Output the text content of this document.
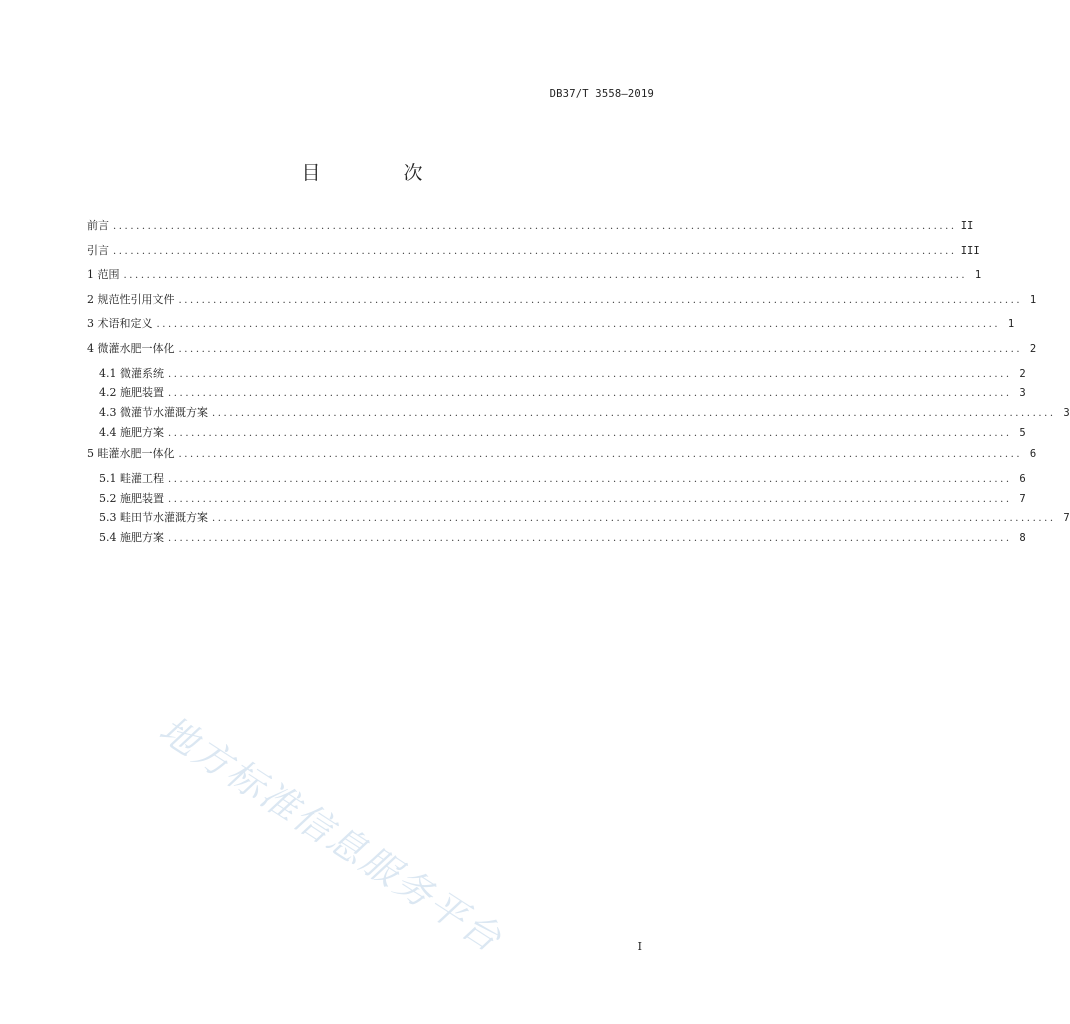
DB37/T 3558—2019
目　次
前言 .................................................................................................................................................. II
引言 .................................................................................................................................................. III
1 范围 .................................................................................................................................................. 1
2 规范性引用文件 .................................................................................................................................................. 1
3 术语和定义 .................................................................................................................................................. 1
4 微灌水肥一体化 .................................................................................................................................................. 2
4.1 微灌系统 .................................................................................................................................................. 2
4.2 施肥装置 .................................................................................................................................................. 3
4.3 微灌节水灌溉方案 .................................................................................................................................................. 3
4.4 施肥方案 .................................................................................................................................................. 5
5 畦灌水肥一体化 .................................................................................................................................................. 6
5.1 畦灌工程 .................................................................................................................................................. 6
5.2 施肥装置 .................................................................................................................................................. 7
5.3 畦田节水灌溉方案 .................................................................................................................................................. 7
5.4 施肥方案 .................................................................................................................................................. 8
地方标准信息服务平台	I
